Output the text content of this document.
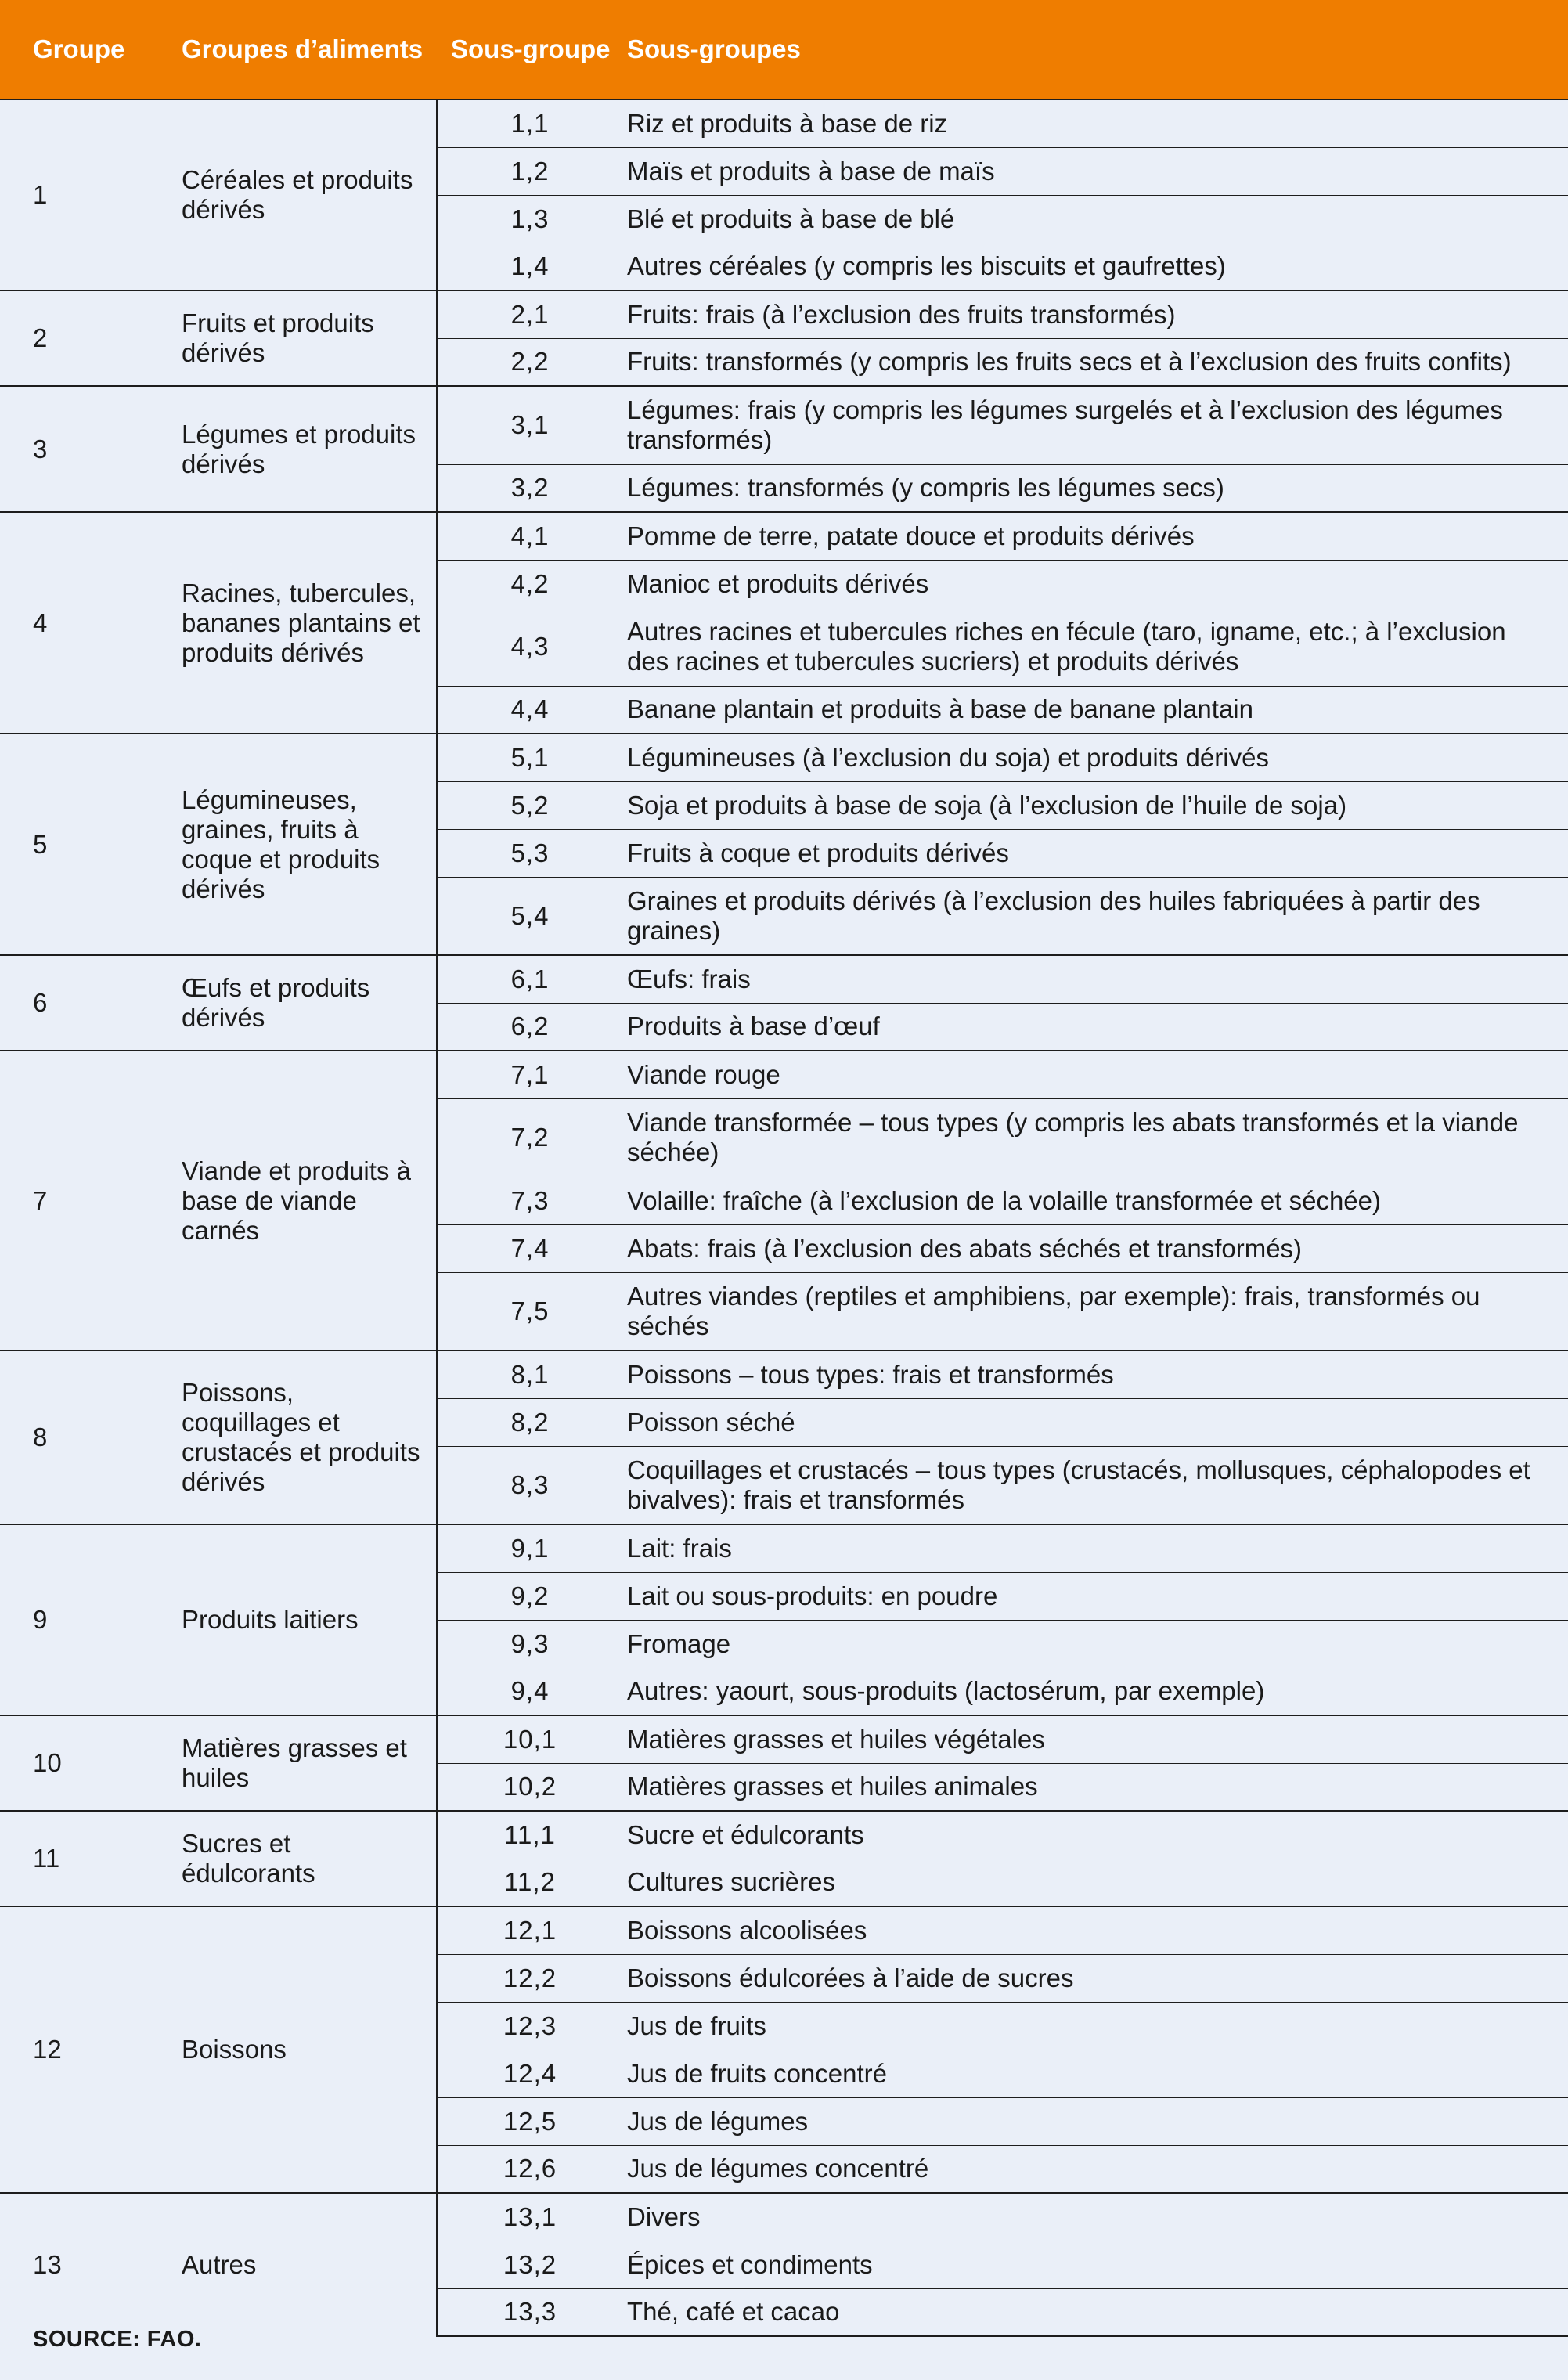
Groupe	Groupes d’aliments	Sous-groupe	Sous-groupes
1	Céréales et produits dérivés	1,1	Riz et produits à base de riz
		1,2	Maïs et produits à base de maïs
		1,3	Blé et produits à base de blé
		1,4	Autres céréales (y compris les biscuits et gaufrettes)
2	Fruits et produits dérivés	2,1	Fruits: frais (à l’exclusion des fruits transformés)
		2,2	Fruits: transformés (y compris les fruits secs et à l’exclusion des fruits confits)
3	Légumes et produits dérivés	3,1	Légumes: frais (y compris les légumes surgelés et à l’exclusion des légumes transformés)
		3,2	Légumes: transformés (y compris les légumes secs)
4	Racines, tubercules, bananes plantains et produits dérivés	4,1	Pomme de terre, patate douce et produits dérivés
		4,2	Manioc et produits dérivés
		4,3	Autres racines et tubercules riches en fécule (taro, igname, etc.; à l’exclusion des racines et tubercules sucriers) et produits dérivés
		4,4	Banane plantain et produits à base de banane plantain
5	Légumineuses, graines, fruits à coque et produits dérivés	5,1	Légumineuses (à l’exclusion du soja) et produits dérivés
		5,2	Soja et produits à base de soja (à l’exclusion de l’huile de soja)
		5,3	Fruits à coque et produits dérivés
		5,4	Graines et produits dérivés (à l’exclusion des huiles fabriquées à partir des graines)
6	Œufs et produits dérivés	6,1	Œufs: frais
		6,2	Produits à base d’œuf
7	Viande et produits à base de viande carnés	7,1	Viande rouge
		7,2	Viande transformée – tous types (y compris les abats transformés et la viande séchée)
		7,3	Volaille: fraîche (à l’exclusion de la volaille transformée et séchée)
		7,4	Abats: frais (à l’exclusion des abats séchés et transformés)
		7,5	Autres viandes (reptiles et amphibiens, par exemple): frais, transformés ou séchés
8	Poissons, coquillages et crustacés et produits dérivés	8,1	Poissons – tous types: frais et transformés
		8,2	Poisson séché
		8,3	Coquillages et crustacés – tous types (crustacés, mollusques, céphalopodes et bivalves): frais et transformés
9	Produits laitiers	9,1	Lait: frais
		9,2	Lait ou sous-produits: en poudre
		9,3	Fromage
		9,4	Autres: yaourt, sous-produits (lactosérum, par exemple)
10	Matières grasses et huiles	10,1	Matières grasses et huiles végétales
		10,2	Matières grasses et huiles animales
11	Sucres et édulcorants	11,1	Sucre et édulcorants
		11,2	Cultures sucrières
12	Boissons	12,1	Boissons alcoolisées
		12,2	Boissons édulcorées à l’aide de sucres
		12,3	Jus de fruits
		12,4	Jus de fruits concentré
		12,5	Jus de légumes
		12,6	Jus de légumes concentré
13	Autres	13,1	Divers
		13,2	Épices et condiments
		13,3	Thé, café et cacao
SOURCE: FAO.
